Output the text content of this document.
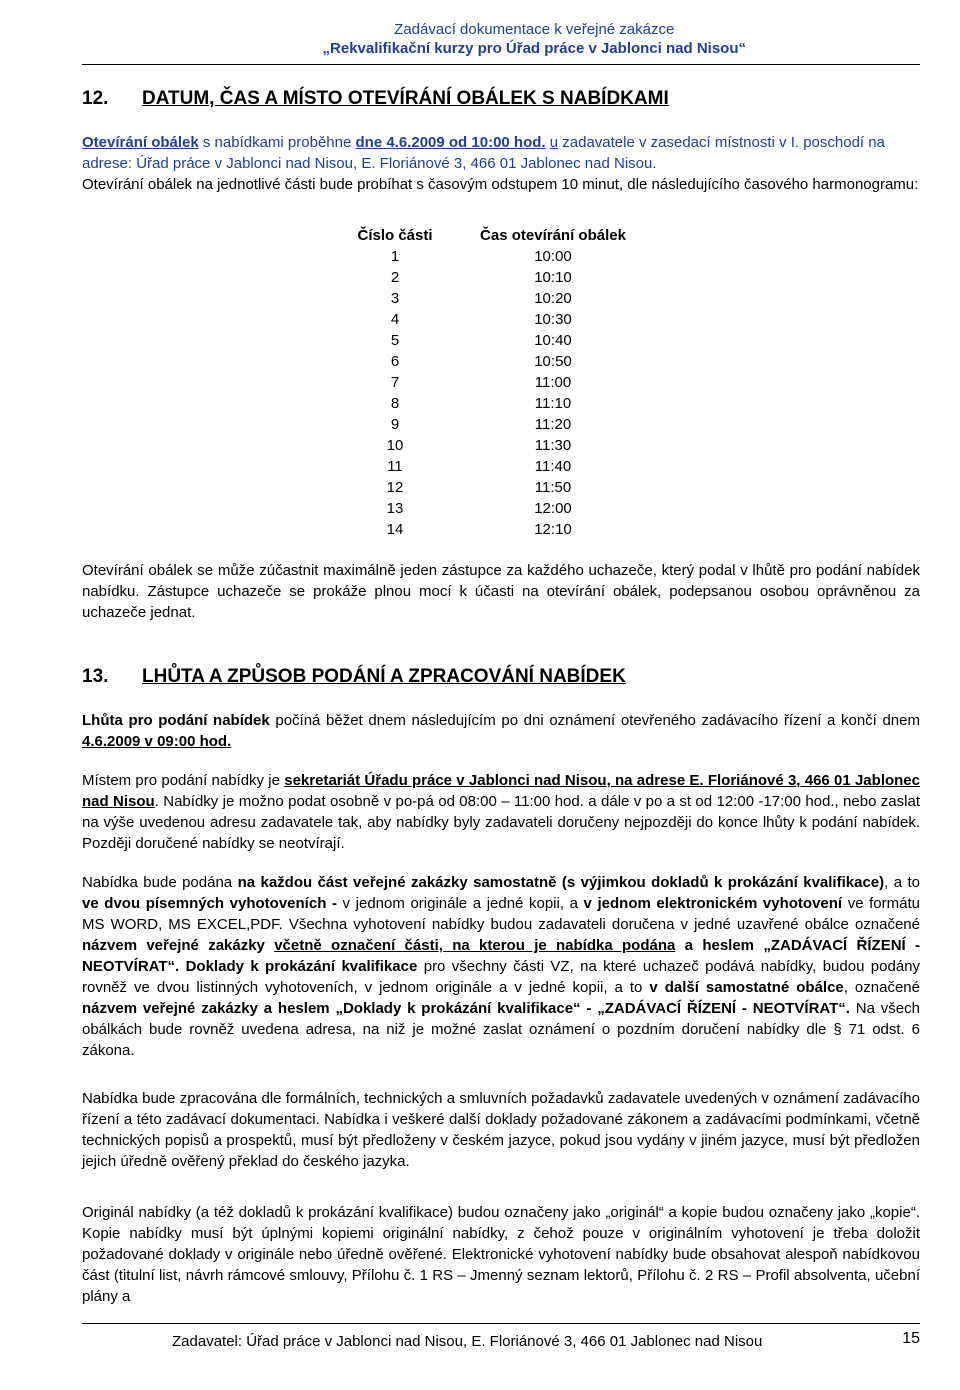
Zadávací dokumentace k veřejné zakázce
„Rekvalifikační kurzy pro Úřad práce v Jablonci nad Nisou“
12. DATUM, ČAS A MÍSTO OTEVÍRÁNÍ OBÁLEK S NABÍDKAMI
Otevírání obálek s nabídkami proběhne dne 4.6.2009 od 10:00 hod. u zadavatele v zasedací místnosti v I. poschodí na adrese: Úřad práce v Jablonci nad Nisou, E. Floriánové 3, 466 01 Jablonec nad Nisou.
Otevírání obálek na jednotlivé části bude probíhat s časovým odstupem 10 minut, dle následujícího časového harmonogramu:
Číslo části	Čas otevírání obálek
1	10:00
2	10:10
3	10:20
4	10:30
5	10:40
6	10:50
7	11:00
8	11:10
9	11:20
10	11:30
11	11:40
12	11:50
13	12:00
14	12:10
Otevírání obálek se může zúčastnit maximálně jeden zástupce za každého uchazeče, který podal v lhůtě pro podání nabídek nabídku. Zástupce uchazeče se prokáže plnou mocí k účasti na otevírání obálek, podepsanou osobou oprávněnou za uchazeče jednat.
13. LHŮTA A ZPŮSOB PODÁNÍ A ZPRACOVÁNÍ NABÍDEK
Lhůta pro podání nabídek počíná běžet dnem následujícím po dni oznámení otevřeného zadávacího řízení a končí dnem 4.6.2009 v 09:00 hod.
Místem pro podání nabídky je sekretariát Úřadu práce v Jablonci nad Nisou, na adrese E. Floriánové 3, 466 01 Jablonec nad Nisou. Nabídky je možno podat osobně v po-pá od 08:00 – 11:00 hod. a dále v po a st od 12:00 -17:00 hod., nebo zaslat na výše uvedenou adresu zadavatele tak, aby nabídky byly zadavateli doručeny nejpozději do konce lhůty k podání nabídek. Později doručené nabídky se neotvírají.
Nabídka bude podána na každou část veřejné zakázky samostatně (s výjimkou dokladů k prokázání kvalifikace), a to ve dvou písemných vyhotoveních - v jednom originále a jedné kopii, a v jednom elektronickém vyhotovení ve formátu MS WORD, MS EXCEL,PDF. Všechna vyhotovení nabídky budou zadavateli doručena v jedné uzavřené obálce označené názvem veřejné zakázky včetně označení části, na kterou je nabídka podána a heslem „ZADÁVACÍ ŘÍZENÍ - NEOTVÍRAT“. Doklady k prokázání kvalifikace pro všechny části VZ, na které uchazeč podává nabídky, budou podány rovněž ve dvou listinných vyhotoveních, v jednom originále a v jedné kopii, a to v další samostatné obálce, označené názvem veřejné zakázky a heslem „Doklady k prokázání kvalifikace“ - „ZADÁVACÍ ŘÍZENÍ - NEOTVÍRAT“. Na všech obálkách bude rovněž uvedena adresa, na niž je možné zaslat oznámení o pozdním doručení nabídky dle § 71 odst. 6 zákona.
Nabídka bude zpracována dle formálních, technických a smluvních požadavků zadavatele uvedených v oznámení zadávacího řízení a této zadávací dokumentaci. Nabídka i veškeré další doklady požadované zákonem a zadávacími podmínkami, včetně technických popisů a prospektů, musí být předloženy v českém jazyce, pokud jsou vydány v jiném jazyce, musí být předložen jejich úředně ověřený překlad do českého jazyka.
Originál nabídky (a též dokladů k prokázání kvalifikace) budou označeny jako „originál“ a kopie budou označeny jako „kopie“. Kopie nabídky musí být úplnými kopiemi originální nabídky, z čehož pouze v originálním vyhotovení je třeba doložit požadované doklady v originále nebo úředně ověřené. Elektronické vyhotovení nabídky bude obsahovat alespoň nabídkovou část (titulní list, návrh rámcové smlouvy, Přílohu č. 1 RS – Jmenný seznam lektorů, Přílohu č. 2 RS – Profil absolventa, učební plány a
Zadavatel: Úřad práce v Jablonci nad Nisou, E. Floriánové 3, 466 01 Jablonec nad Nisou	15
